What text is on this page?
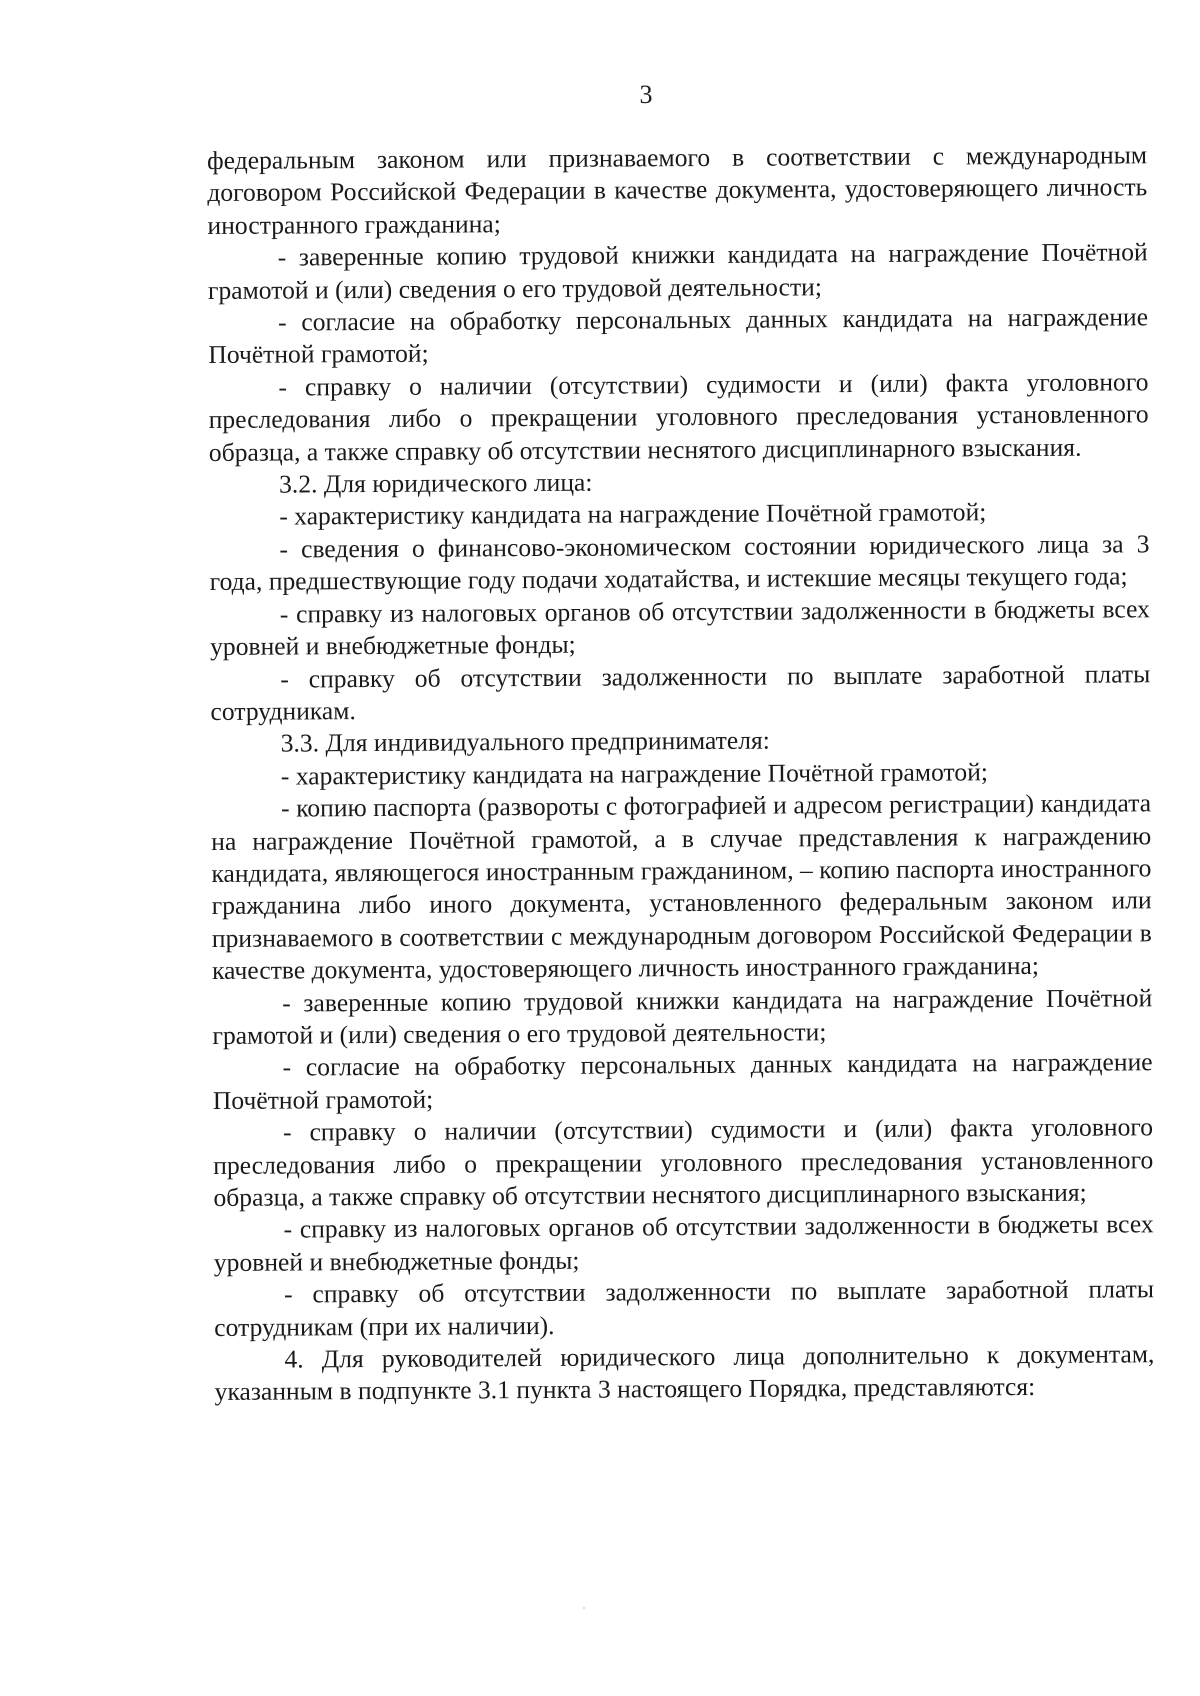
3

федеральным законом или признаваемого в соответствии с международным договором Российской Федерации в качестве документа, удостоверяющего личность иностранного гражданина;

- заверенные копию трудовой книжки кандидата на награждение Почётной грамотой и (или) сведения о его трудовой деятельности;

- согласие на обработку персональных данных кандидата на награждение Почётной грамотой;

- справку о наличии (отсутствии) судимости и (или) факта уголовного преследования либо о прекращении уголовного преследования установленного образца, а также справку об отсутствии неснятого дисциплинарного взыскания.

3.2. Для юридического лица:

- характеристику кандидата на награждение Почётной грамотой;

- сведения о финансово-экономическом состоянии юридического лица за 3 года, предшествующие году подачи ходатайства, и истекшие месяцы текущего года;

- справку из налоговых органов об отсутствии задолженности в бюджеты всех уровней и внебюджетные фонды;

- справку об отсутствии задолженности по выплате заработной платы сотрудникам.

3.3. Для индивидуального предпринимателя:

- характеристику кандидата на награждение Почётной грамотой;

- копию паспорта (развороты с фотографией и адресом регистрации) кандидата на награждение Почётной грамотой, а в случае представления к награждению кандидата, являющегося иностранным гражданином, – копию паспорта иностранного гражданина либо иного документа, установленного федеральным законом или признаваемого в соответствии с международным договором Российской Федерации в качестве документа, удостоверяющего личность иностранного гражданина;

- заверенные копию трудовой книжки кандидата на награждение Почётной грамотой и (или) сведения о его трудовой деятельности;

- согласие на обработку персональных данных кандидата на награждение Почётной грамотой;

- справку о наличии (отсутствии) судимости и (или) факта уголовного преследования либо о прекращении уголовного преследования установленного образца, а также справку об отсутствии неснятого дисциплинарного взыскания;

- справку из налоговых органов об отсутствии задолженности в бюджеты всех уровней и внебюджетные фонды;

- справку об отсутствии задолженности по выплате заработной платы сотрудникам (при их наличии).

4. Для руководителей юридического лица дополнительно к документам, указанным в подпункте 3.1 пункта 3 настоящего Порядка, представляются:
